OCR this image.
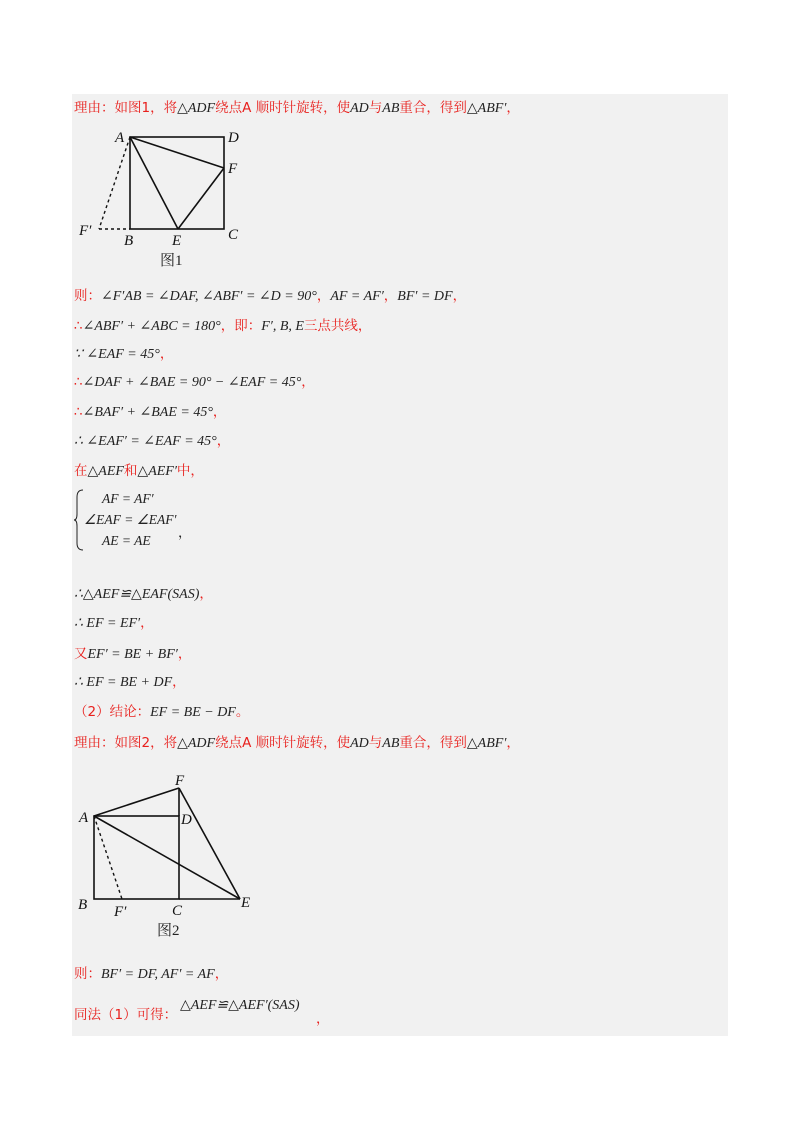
理由：如图1，将△ADF绕点A 顺时针旋转，使AD与AB重合，得到△ABF′，
A	D
F
F′
B	E	C
图1
则：∠F′AB = ∠DAF, ∠ABF′ = ∠D = 90°，AF = AF′，BF′ = DF，
∴∠ABF′ + ∠ABC = 180°，即：F′, B, E三点共线，
∵ ∠EAF = 45°，
∴∠DAF + ∠BAE = 90° − ∠EAF = 45°，
∴∠BAF′ + ∠BAE = 45°，
∴ ∠EAF′ = ∠EAF = 45°，
在△AEF和△AEF′中，
AF = AF′
∠EAF = ∠EAF′
AE = AE
，
∴△AEF≌△EAF(SAS)，
∴ EF = EF′，
又EF′ = BE + BF′，
∴ EF = BE + DF，
（2）结论：EF = BE − DF。
理由：如图2，将△ADF绕点A 顺时针旋转，使AD与AB重合，得到△ABF′，
F
A	D
B F′	C	E
图2
则：BF′ = DF, AF′ = AF，
同法（1）可得：
△AEF≌△AEF′(SAS)
，
